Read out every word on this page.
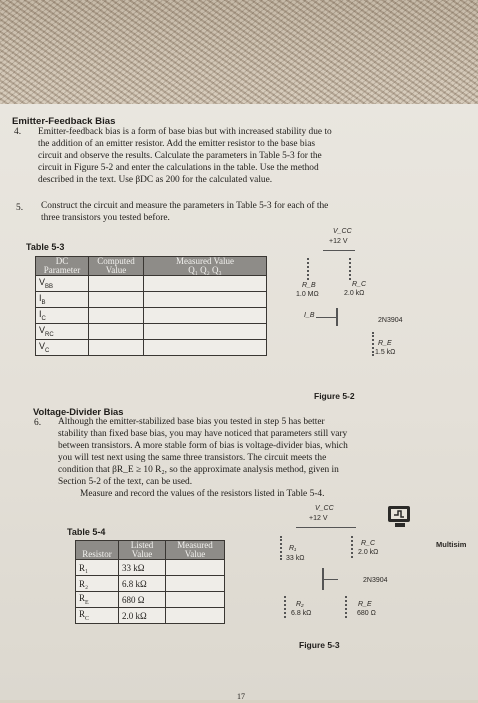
Emitter-Feedback Bias
4. Emitter-feedback bias is a form of base bias but with increased stability due to
the addition of an emitter resistor. Add the emitter resistor to the base bias
circuit and observe the results. Calculate the parameters in Table 5-3 for the
circuit in Figure 5-2 and enter the calculations in the table. Use the method
described in the text. Use βDC as 200 for the calculated value.
5. Construct the circuit and measure the parameters in Table 5-3 for each of the
three transistors you tested before.
Table 5-3
DC
Parameter	Computed
Value	Measured Value
Q₁ Q₂ Q₃
$V_{BB}$		
$I_B$		
$I_C$		
$V_{RC}$		
$V_C$		
V_CC
+12 V
R_B
1.0 MΩ
R_C
2.0 kΩ
I_B
2N3904
R_E
1.5 kΩ
Figure 5-2
Voltage-Divider Bias
6. Although the emitter-stabilized base bias you tested in step 5 has better
stability than fixed base bias, you may have noticed that parameters still vary
between transistors. A more stable form of bias is voltage-divider bias, which
you will test next using the same three transistors. The circuit meets the
condition that βR_E ≥ 10 R₂, so the approximate analysis method, given in
Section 5-2 of the text, can be used.
Measure and record the values of the resistors listed in Table 5-4.
Table 5-4
Resistor	Listed
Value	Measured
Value
R₁	33 kΩ	
R₂	6.8 kΩ	
$R_E$	680 Ω	
$R_C$	2.0 kΩ	
V_CC
+12 V
R₁
33 kΩ
R_C
2.0 kΩ
2N3904
R₂
6.8 kΩ
R_E
680 Ω
Figure 5-3
Multisim
17
